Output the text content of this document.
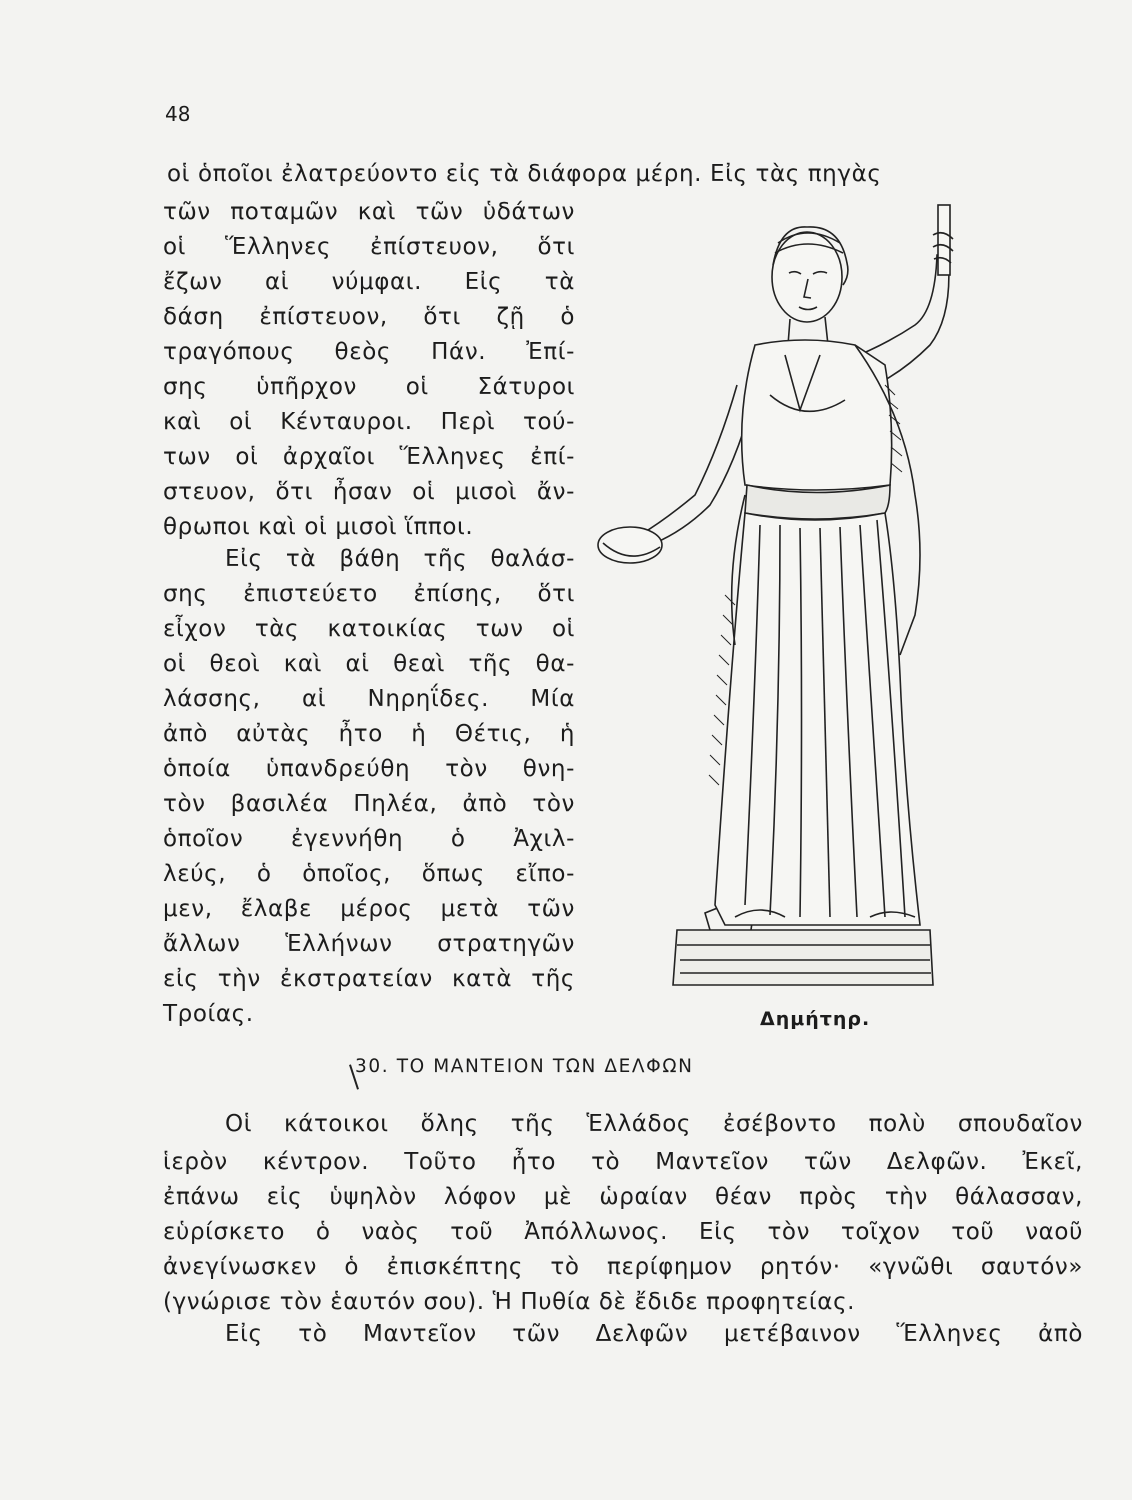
48
οἱ ὁποῖοι ἐλατρεύοντο εἰς τὰ διάφορα μέρη. Εἰς τὰς πηγὰς
τῶν ποταμῶν καὶ τῶν ὑδάτων
οἱ Ἕλληνες ἐπίστευον, ὅτι
ἔζων αἱ νύμφαι. Εἰς τὰ
δάση ἐπίστευον, ὅτι ζῇ ὁ
τραγόπους θεὸς Πάν. Ἐπί-
σης ὑπῆρχον οἱ Σάτυροι
καὶ οἱ Κένταυροι. Περὶ τού-
των οἱ ἀρχαῖοι Ἕλληνες ἐπί-
στευον, ὅτι ἦσαν οἱ μισοὶ ἄν-
θρωποι καὶ οἱ μισοὶ ἵπποι.
Εἰς τὰ βάθη τῆς θαλάσ-
σης ἐπιστεύετο ἐπίσης, ὅτι
εἶχον τὰς κατοικίας των οἱ
οἱ θεοὶ καὶ αἱ θεαὶ τῆς θα-
λάσσης, αἱ Νηρηΐδες. Μία
ἀπὸ αὐτὰς ἦτο ἡ Θέτις, ἡ
ὁποία ὑπανδρεύθη τὸν θνη-
τὸν βασιλέα Πηλέα, ἀπὸ τὸν
ὁποῖον ἐγεννήθη ὁ Ἀχιλ-
λεύς, ὁ ὁποῖος, ὅπως εἴπο-
μεν, ἔλαβε μέρος μετὰ τῶν
ἄλλων Ἑλλήνων στρατηγῶν
εἰς τὴν ἐκστρατείαν κατὰ τῆς
Τροίας.	Δημήτηρ.
30. ΤΟ ΜΑΝΤΕΙΟΝ ΤΩΝ ΔΕΛΦΩΝ
Οἱ κάτοικοι ὅλης τῆς Ἑλλάδος ἐσέβοντο πολὺ σπουδαῖον
ἱερὸν κέντρον. Τοῦτο ἦτο τὸ Μαντεῖον τῶν Δελφῶν. Ἐκεῖ,
ἐπάνω εἰς ὑψηλὸν λόφον μὲ ὡραίαν θέαν πρὸς τὴν θάλασσαν,
εὑρίσκετο ὁ ναὸς τοῦ Ἀπόλλωνος. Εἰς τὸν τοῖχον τοῦ ναοῦ
ἀνεγίνωσκεν ὁ ἐπισκέπτης τὸ περίφημον ρητόν· «γνῶθι σαυτόν»
(γνώρισε τὸν ἑαυτόν σου). Ἡ Πυθία δὲ ἔδιδε προφητείας.
Εἰς τὸ Μαντεῖον τῶν Δελφῶν μετέβαινον Ἕλληνες ἀπὸ
